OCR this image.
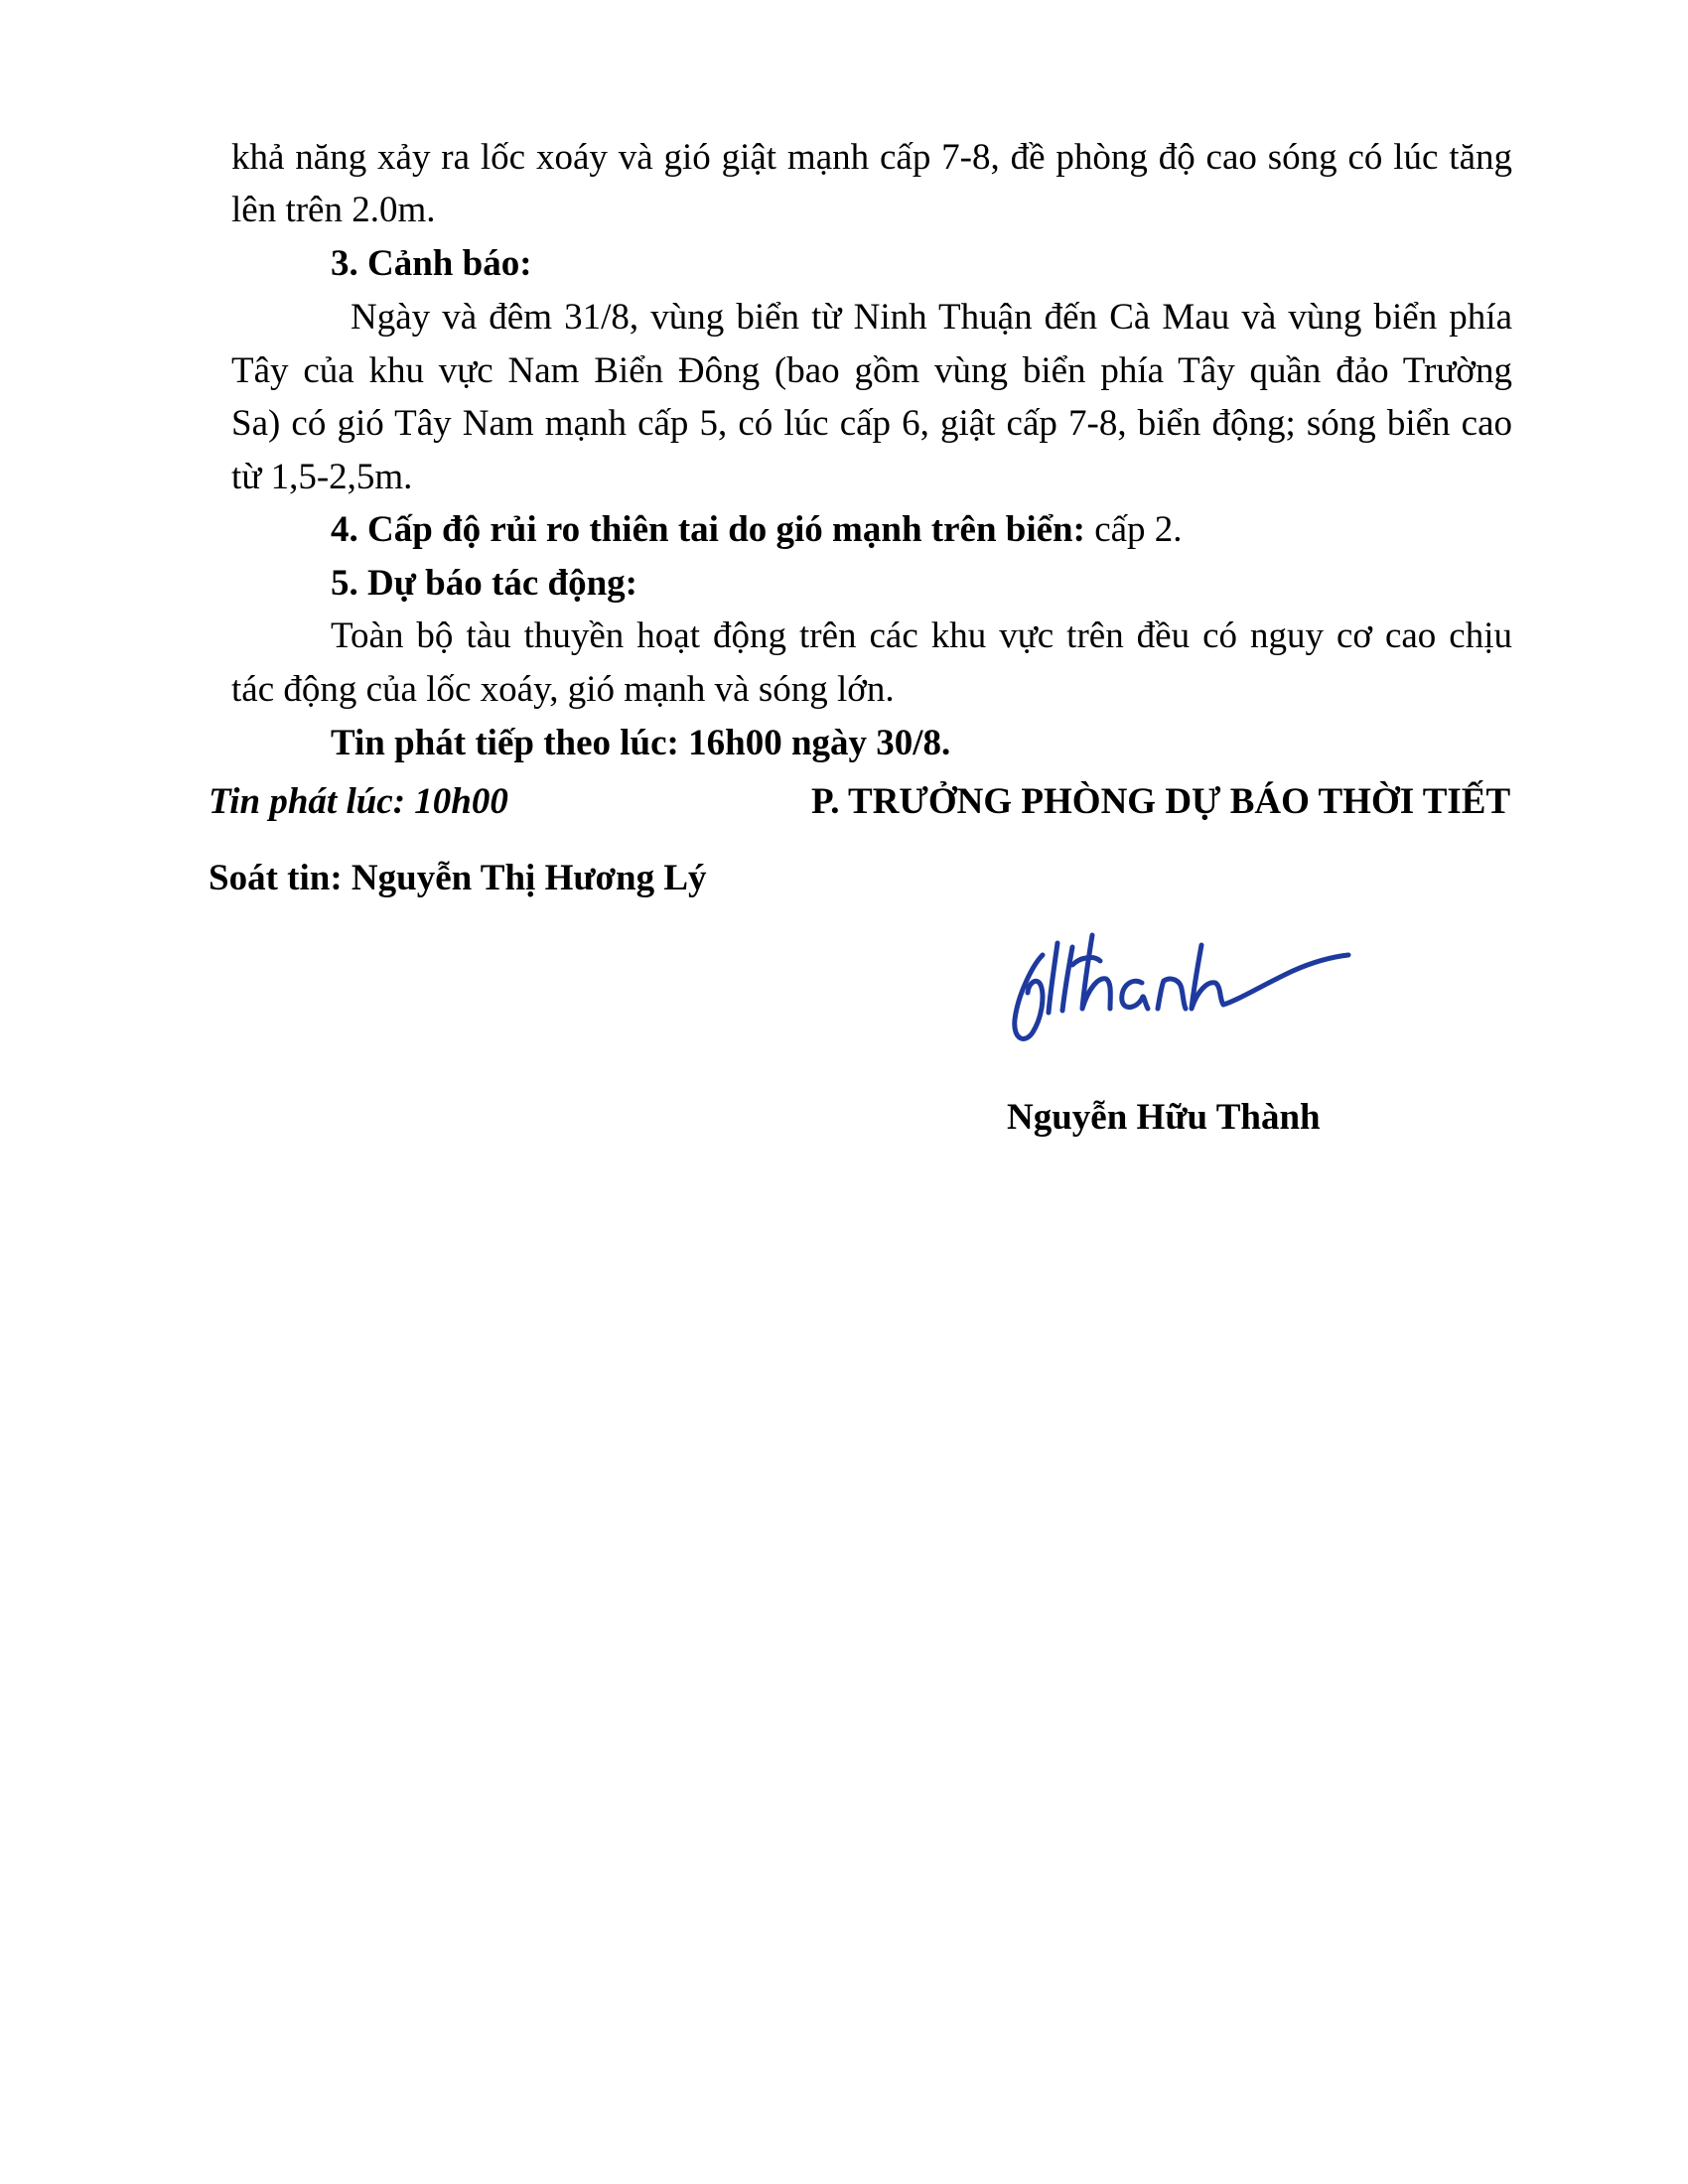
khả năng xảy ra lốc xoáy và gió giật mạnh cấp 7-8, đề phòng độ cao sóng có lúc tăng
lên trên 2.0m.
3. Cảnh báo:
Ngày và đêm 31/8, vùng biển từ Ninh Thuận đến Cà Mau và vùng biển phía
Tây của khu vực Nam Biển Đông (bao gồm vùng biển phía Tây quần đảo Trường
Sa) có gió Tây Nam mạnh cấp 5, có lúc cấp 6, giật cấp 7-8, biển động; sóng biển cao
từ 1,5-2,5m.
4. Cấp độ rủi ro thiên tai do gió mạnh trên biển: cấp 2.
5. Dự báo tác động:
Toàn bộ tàu thuyền hoạt động trên các khu vực trên đều có nguy cơ cao chịu
tác động của lốc xoáy, gió mạnh và sóng lớn.
Tin phát tiếp theo lúc: 16h00 ngày 30/8.
Tin phát lúc: 10h00	P. TRƯỞNG PHÒNG DỰ BÁO THỜI TIẾT
Soát tin: Nguyễn Thị Hương Lý
Nguyễn Hữu Thành
